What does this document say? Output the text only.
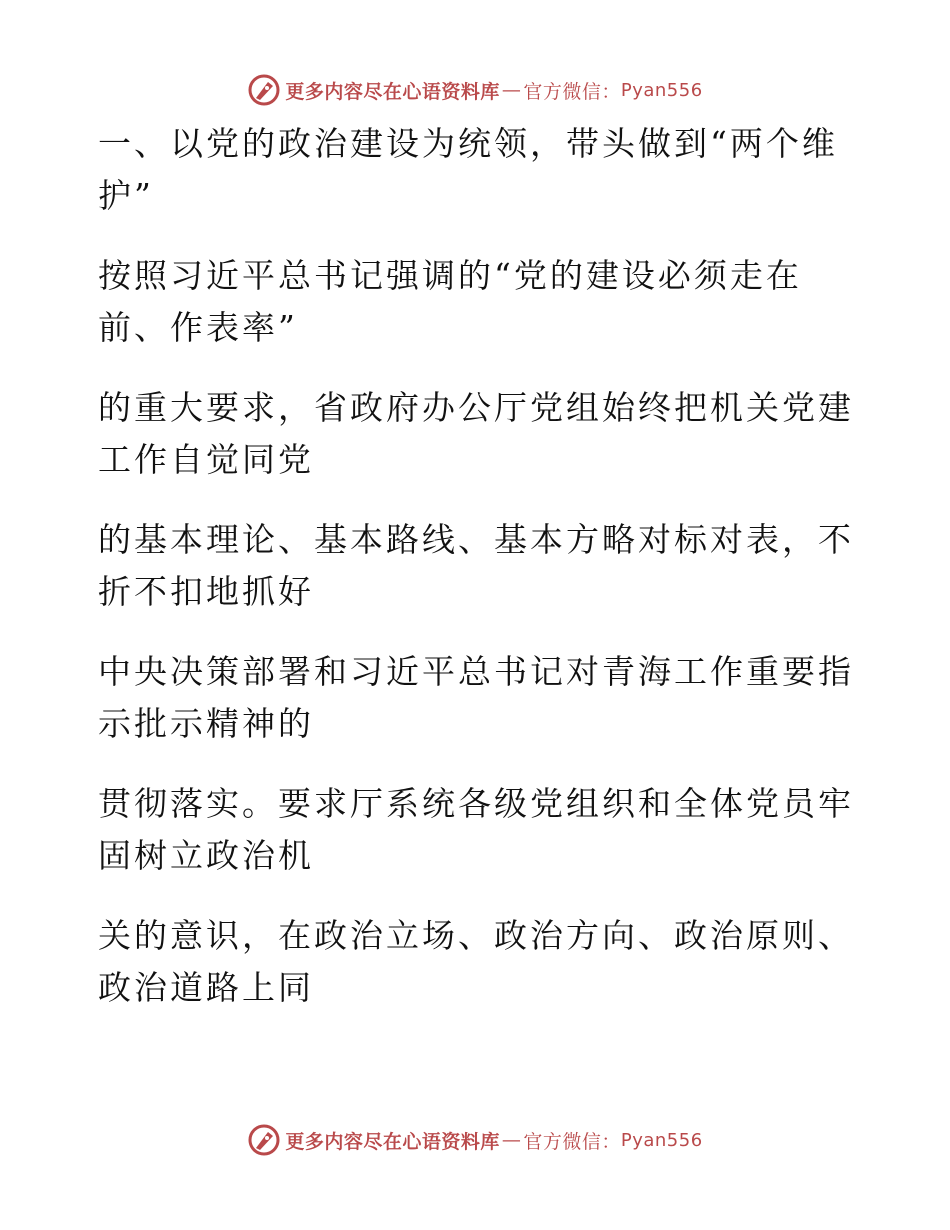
更多内容尽在心语资料库 — 官方微信： Pyan556

一、以党的政治建设为统领，带头做到“两个维
护”

按照习近平总书记强调的“党的建设必须走在
前、作表率”

的重大要求，省政府办公厅党组始终把机关党建
工作自觉同党

的基本理论、基本路线、基本方略对标对表，不
折不扣地抓好

中央决策部署和习近平总书记对青海工作重要指
示批示精神的

贯彻落实。要求厅系统各级党组织和全体党员牢
固树立政治机

关的意识，在政治立场、政治方向、政治原则、
政治道路上同

更多内容尽在心语资料库 — 官方微信： Pyan556
